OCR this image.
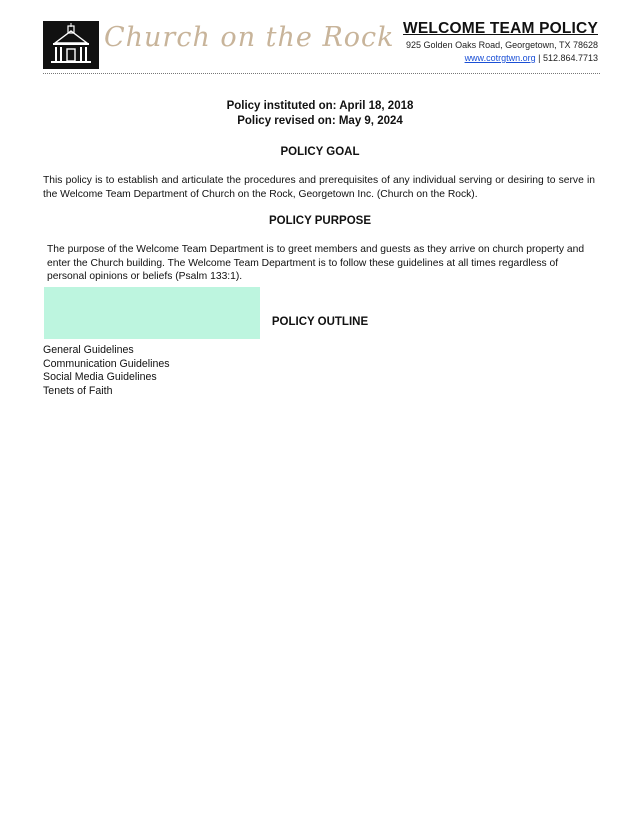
Church on the Rock WELCOME TEAM POLICY
925 Golden Oaks Road, Georgetown, TX 78628
www.cotrgtwn.org | 512.864.7713
Policy instituted on: April 18, 2018
Policy revised on: May 9, 2024
POLICY GOAL
This policy is to establish and articulate the procedures and prerequisites of any individual serving or desiring to serve in the Welcome Team Department of Church on the Rock, Georgetown Inc. (Church on the Rock).
POLICY PURPOSE
The purpose of the Welcome Team Department is to greet members and guests as they arrive on church property and enter the Church building. The Welcome Team Department is to follow these guidelines at all times regardless of personal opinions or beliefs (Psalm 133:1).
POLICY OUTLINE
General Guidelines
Communication Guidelines
Social Media Guidelines
Tenets of Faith
